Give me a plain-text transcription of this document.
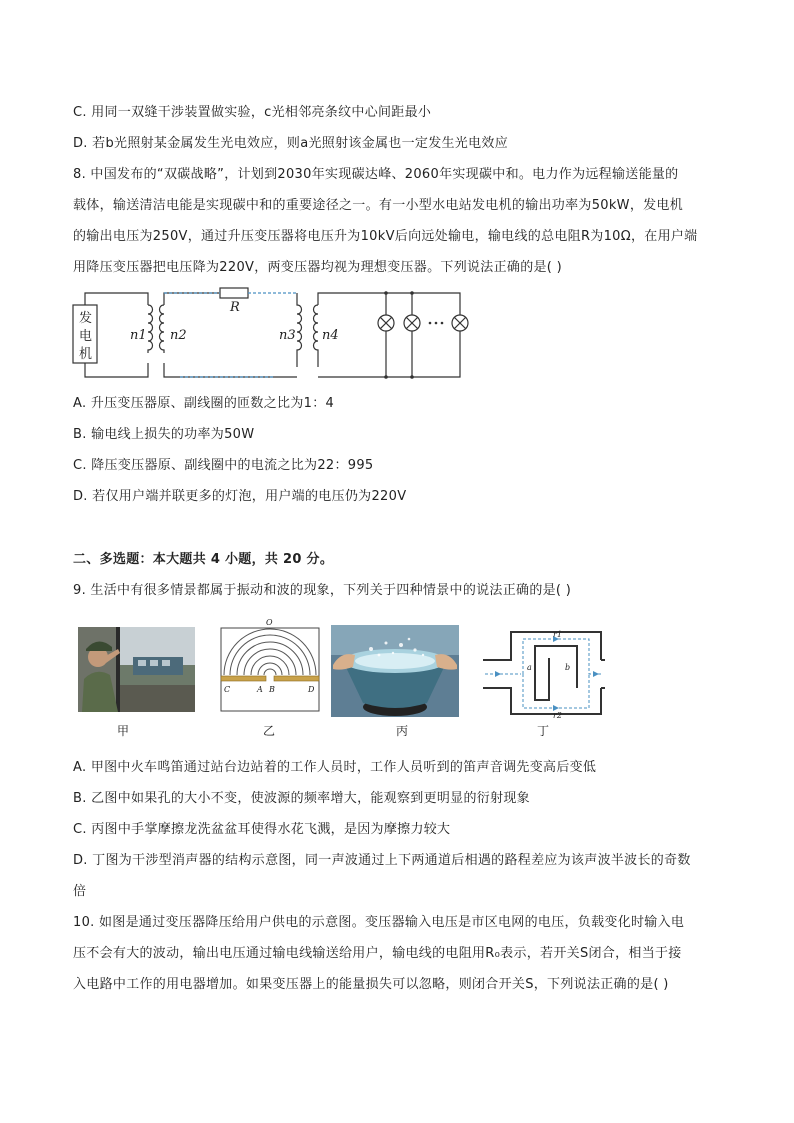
C. 用同一双缝干涉装置做实验，c光相邻亮条纹中心间距最小
D. 若b光照射某金属发生光电效应，则a光照射该金属也一定发生光电效应
8. 中国发布的“双碳战略”，计划到2030年实现碳达峰、2060年实现碳中和。电力作为远程输送能量的
载体，输送清洁电能是实现碳中和的重要途径之一。有一小型水电站发电机的输出功率为50kW，发电机
的输出电压为250V，通过升压变压器将电压升为10kV后向远处输电，输电线的总电阻R为10Ω，在用户端
用降压变压器把电压降为220V，两变压器均视为理想变压器。下列说法正确的是( )
发
电
机
R
n1 n2	n3 n4
A. 升压变压器原、副线圈的匝数之比为1：4
B. 输电线上损失的功率为50W
C. 降压变压器原、副线圈中的电流之比为22：995
D. 若仅用户端并联更多的灯泡，用户端的电压仍为220V
二、多选题：本大题共 4 小题，共 20 分。
9. 生活中有很多情景都属于振动和波的现象，下列关于四种情景中的说法正确的是( )
甲
O
C	A B	D
乙	丙
r1
r2
a	b
丁
A. 甲图中火车鸣笛通过站台边站着的工作人员时，工作人员听到的笛声音调先变高后变低
B. 乙图中如果孔的大小不变，使波源的频率增大，能观察到更明显的衍射现象
C. 丙图中手掌摩擦龙洗盆盆耳使得水花飞溅，是因为摩擦力较大
D. 丁图为干涉型消声器的结构示意图，同一声波通过上下两通道后相遇的路程差应为该声波半波长的奇数
倍
10. 如图是通过变压器降压给用户供电的示意图。变压器输入电压是市区电网的电压，负载变化时输入电
压不会有大的波动，输出电压通过输电线输送给用户，输电线的电阻用R₀表示，若开关S闭合，相当于接
入电路中工作的用电器增加。如果变压器上的能量损失可以忽略，则闭合开关S，下列说法正确的是( )
